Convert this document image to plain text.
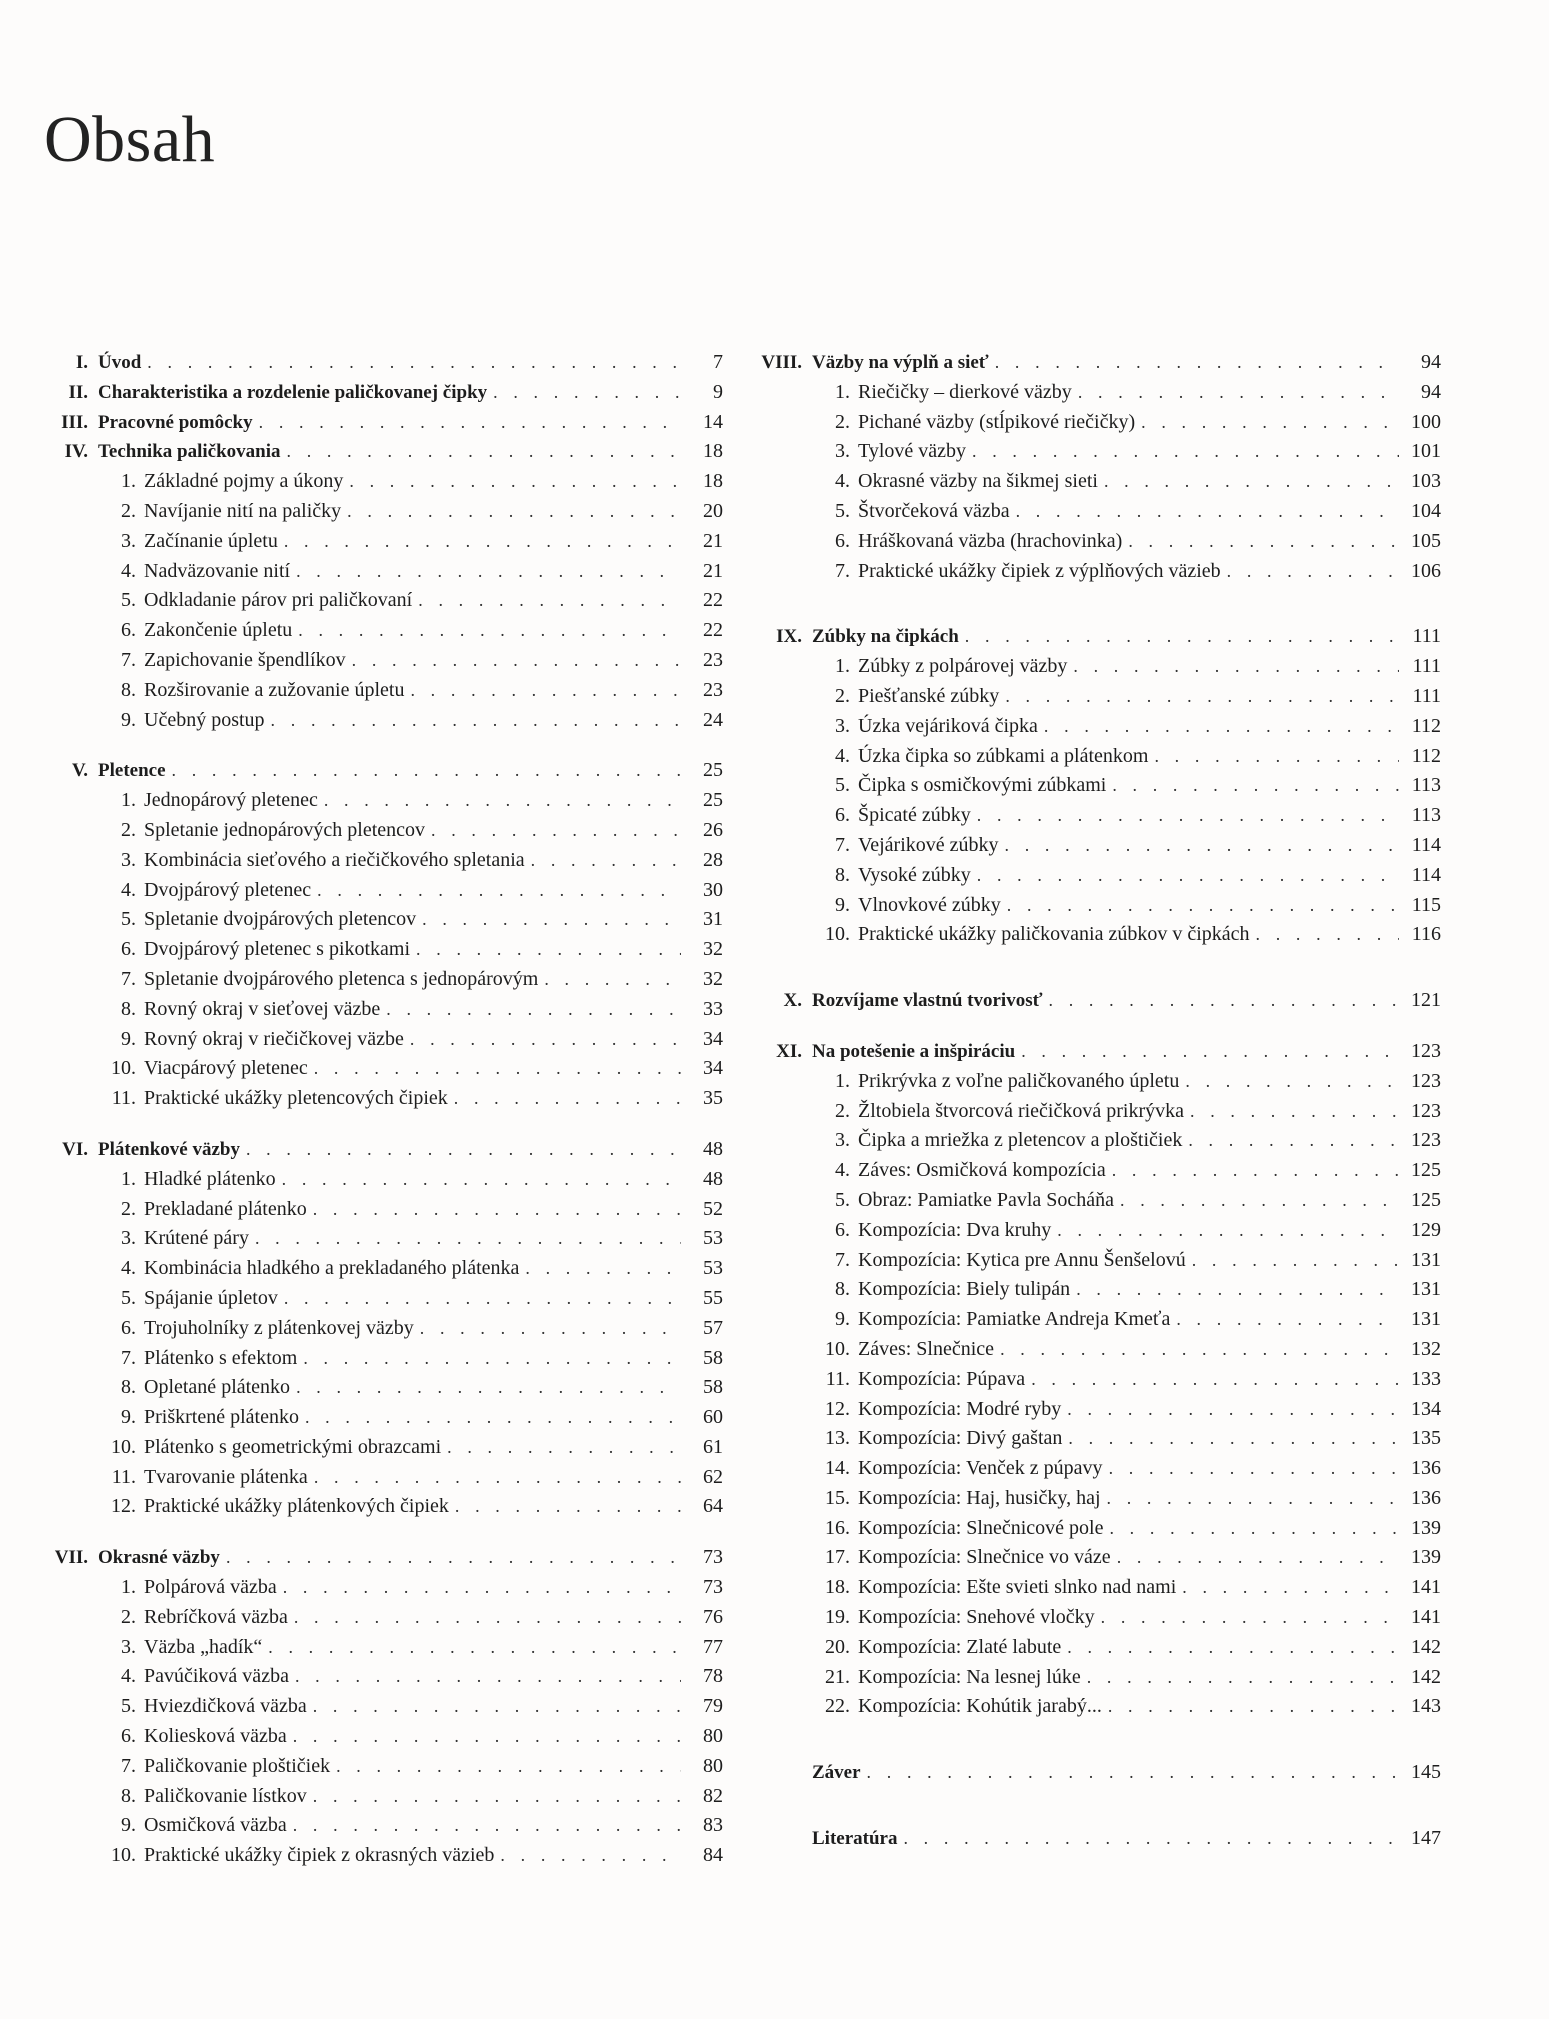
Obsah
I. Úvod . . .	7
II. Charakteristika a rozdelenie paličkovanej čipky . . .	9
III. Pracovné pomôcky . . .	14
IV. Technika paličkovania . . .	18
1. Základné pojmy a úkony . . .	18
2. Navíjanie nití na paličky . . .	20
3. Začínanie úpletu . . .	21
4. Nadväzovanie nití . . .	21
5. Odkladanie párov pri paličkovaní . . .	22
6. Zakončenie úpletu . . .	22
7. Zapichovanie špendlíkov . . .	23
8. Rozširovanie a zužovanie úpletu . . .	23
9. Učebný postup . . .	24
V. Pletence . . .	25
1. Jednopárový pletenec . . .	25
2. Spletanie jednopárových pletencov . . .	26
3. Kombinácia sieťového a riečičkového spletania . . .	28
4. Dvojpárový pletenec . . .	30
5. Spletanie dvojpárových pletencov . . .	31
6. Dvojpárový pletenec s pikotkami . . .	32
7. Spletanie dvojpárového pletenca s jednopárovým . . .	32
8. Rovný okraj v sieťovej väzbe . . .	33
9. Rovný okraj v riečičkovej väzbe . . .	34
10. Viacpárový pletenec . . .	34
11. Praktické ukážky pletencových čipiek . . .	35
VI. Plátenkové väzby . . .	48
1. Hladké plátenko . . .	48
2. Prekladané plátenko . . .	52
3. Krútené páry . . .	53
4. Kombinácia hladkého a prekladaného plátenka . . .	53
5. Spájanie úpletov . . .	55
6. Trojuholníky z plátenkovej väzby . . .	57
7. Plátenko s efektom . . .	58
8. Opletané plátenko . . .	58
9. Priškrtené plátenko . . .	60
10. Plátenko s geometrickými obrazcami . . .	61
11. Tvarovanie plátenka . . .	62
12. Praktické ukážky plátenkových čipiek . . .	64
VII. Okrasné väzby . . .	73
1. Polpárová väzba . . .	73
2. Rebríčková väzba . . .	76
3. Väzba „hadík“ . . .	77
4. Pavúčiková väzba . . .	78
5. Hviezdičková väzba . . .	79
6. Koliesková väzba . . .	80
7. Paličkovanie ploštičiek . . .	80
8. Paličkovanie lístkov . . .	82
9. Osmičková väzba . . .	83
10. Praktické ukážky čipiek z okrasných väzieb . . .	84
VIII. Väzby na výplň a sieť . . .	94
1. Riečičky – dierkové väzby . . .	94
2. Pichané väzby (stĺpikové riečičky) . . .	100
3. Tylové väzby . . .	101
4. Okrasné väzby na šikmej sieti . . .	103
5. Štvorčeková väzba . . .	104
6. Hráškovaná väzba (hrachovinka) . . .	105
7. Praktické ukážky čipiek z výplňových väzieb . . .	106
IX. Zúbky na čipkách . . .	111
1. Zúbky z polpárovej väzby . . .	111
2. Piešťanské zúbky . . .	111
3. Úzka vejáriková čipka . . .	112
4. Úzka čipka so zúbkami a plátenkom . . .	112
5. Čipka s osmičkovými zúbkami . . .	113
6. Špicaté zúbky . . .	113
7. Vejárikové zúbky . . .	114
8. Vysoké zúbky . . .	114
9. Vlnovkové zúbky . . .	115
10. Praktické ukážky paličkovania zúbkov v čipkách . . .	116
X. Rozvíjame vlastnú tvorivosť . . .	121
XI. Na potešenie a inšpiráciu . . .	123
1. Prikrývka z voľne paličkovaného úpletu . . .	123
2. Žltobiela štvorcová riečičková prikrývka . . .	123
3. Čipka a mriežka z pletencov a ploštičiek . . .	123
4. Záves: Osmičková kompozícia . . .	125
5. Obraz: Pamiatke Pavla Socháňa . . .	125
6. Kompozícia: Dva kruhy . . .	129
7. Kompozícia: Kytica pre Annu Šenšelovú . . .	131
8. Kompozícia: Biely tulipán . . .	131
9. Kompozícia: Pamiatke Andreja Kmeťa . . .	131
10. Záves: Slnečnice . . .	132
11. Kompozícia: Púpava . . .	133
12. Kompozícia: Modré ryby . . .	134
13. Kompozícia: Divý gaštan . . .	135
14. Kompozícia: Venček z púpavy . . .	136
15. Kompozícia: Haj, husičky, haj . . .	136
16. Kompozícia: Slnečnicové pole . . .	139
17. Kompozícia: Slnečnice vo váze . . .	139
18. Kompozícia: Ešte svieti slnko nad nami . . .	141
19. Kompozícia: Snehové vločky . . .	141
20. Kompozícia: Zlaté labute . . .	142
21. Kompozícia: Na lesnej lúke . . .	142
22. Kompozícia: Kohútik jarabý... . . .	143
Záver . . .	145
Literatúra . . .	147
